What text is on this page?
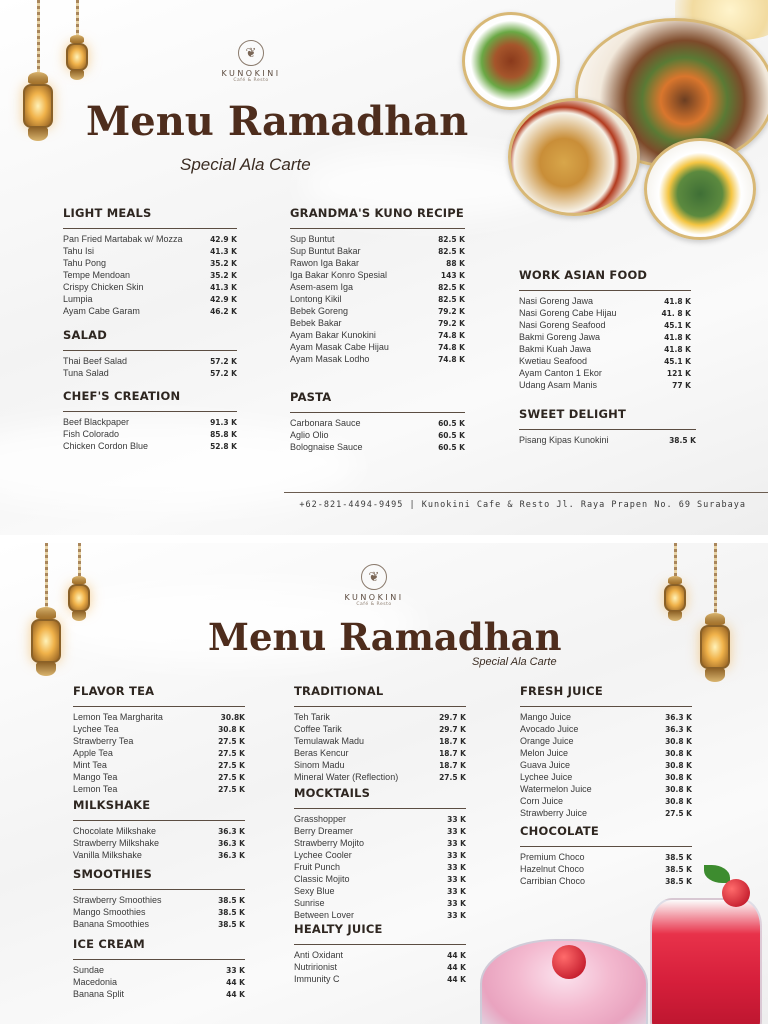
❦
KUNOKINI
Café & Resto
Menu Ramadhan
Special Ala Carte
LIGHT MEALS
Pan Fried Martabak w/ Mozza	42.9 K
Tahu Isi	41.3 K
Tahu Pong	35.2 K
Tempe Mendoan	35.2 K
Crispy Chicken Skin	41.3 K
Lumpia	42.9 K
Ayam Cabe Garam	46.2 K
SALAD
Thai Beef Salad	57.2 K
Tuna Salad	57.2 K
CHEF'S CREATION
Beef Blackpaper	91.3 K
Fish Colorado	85.8 K
Chicken Cordon Blue	52.8 K
GRANDMA'S KUNO RECIPE
Sup Buntut	82.5 K
Sup Buntut Bakar	82.5 K
Rawon Iga Bakar	88 K
Iga Bakar Konro Spesial	143 K
Asem-asem Iga	82.5 K
Lontong Kikil	82.5 K
Bebek Goreng	79.2 K
Bebek Bakar	79.2 K
Ayam Bakar Kunokini	74.8 K
Ayam Masak Cabe Hijau	74.8 K
Ayam Masak Lodho	74.8 K
PASTA
Carbonara Sauce	60.5 K
Aglio Olio	60.5 K
Bolognaise Sauce	60.5 K
WORK ASIAN FOOD
Nasi Goreng Jawa	41.8 K
Nasi Goreng Cabe Hijau	41. 8 K
Nasi Goreng Seafood	45.1 K
Bakmi Goreng Jawa	41.8 K
Bakmi Kuah Jawa	41.8 K
Kwetiau Seafood	45.1 K
Ayam Canton 1 Ekor	121 K
Udang Asam Manis	77 K
SWEET DELIGHT
Pisang Kipas Kunokini	38.5 K
+62-821-4494-9495 | Kunokini Cafe & Resto Jl. Raya Prapen No. 69 Surabaya
❦
KUNOKINI
Café & Resto
Menu Ramadhan
Special Ala Carte
FLAVOR TEA
Lemon Tea Margharita	30.8K
Lychee Tea	30.8 K
Strawberry Tea	27.5 K
Apple Tea	27.5 K
Mint Tea	27.5 K
Mango Tea	27.5 K
Lemon Tea	27.5 K
MILKSHAKE
Chocolate Milkshake	36.3 K
Strawberry Milkshake	36.3 K
Vanilla Milkshake	36.3 K
SMOOTHIES
Strawberry Smoothies	38.5 K
Mango Smoothies	38.5 K
Banana Smoothies	38.5 K
ICE CREAM
Sundae	33 K
Macedonia	44 K
Banana Split	44 K
TRADITIONAL
Teh Tarik	29.7 K
Coffee Tarik	29.7 K
Temulawak Madu	18.7 K
Beras Kencur	18.7 K
Sinom Madu	18.7 K
Mineral Water (Reflection)	27.5 K
MOCKTAILS
Grasshopper	33 K
Berry Dreamer	33 K
Strawberry Mojito	33 K
Lychee Cooler	33 K
Fruit Punch	33 K
Classic Mojito	33 K
Sexy Blue	33 K
Sunrise	33 K
Between Lover	33 K
HEALTY JUICE
Anti Oxidant	44 K
Nutririonist	44 K
Immunity C	44 K
FRESH JUICE
Mango Juice	36.3 K
Avocado Juice	36.3 K
Orange Juice	30.8 K
Melon Juice	30.8 K
Guava Juice	30.8 K
Lychee Juice	30.8 K
Watermelon Juice	30.8 K
Corn Juice	30.8 K
Strawberry Juice	27.5 K
CHOCOLATE
Premium Choco	38.5 K
Hazelnut Choco	38.5 K
Carribian Choco	38.5 K
